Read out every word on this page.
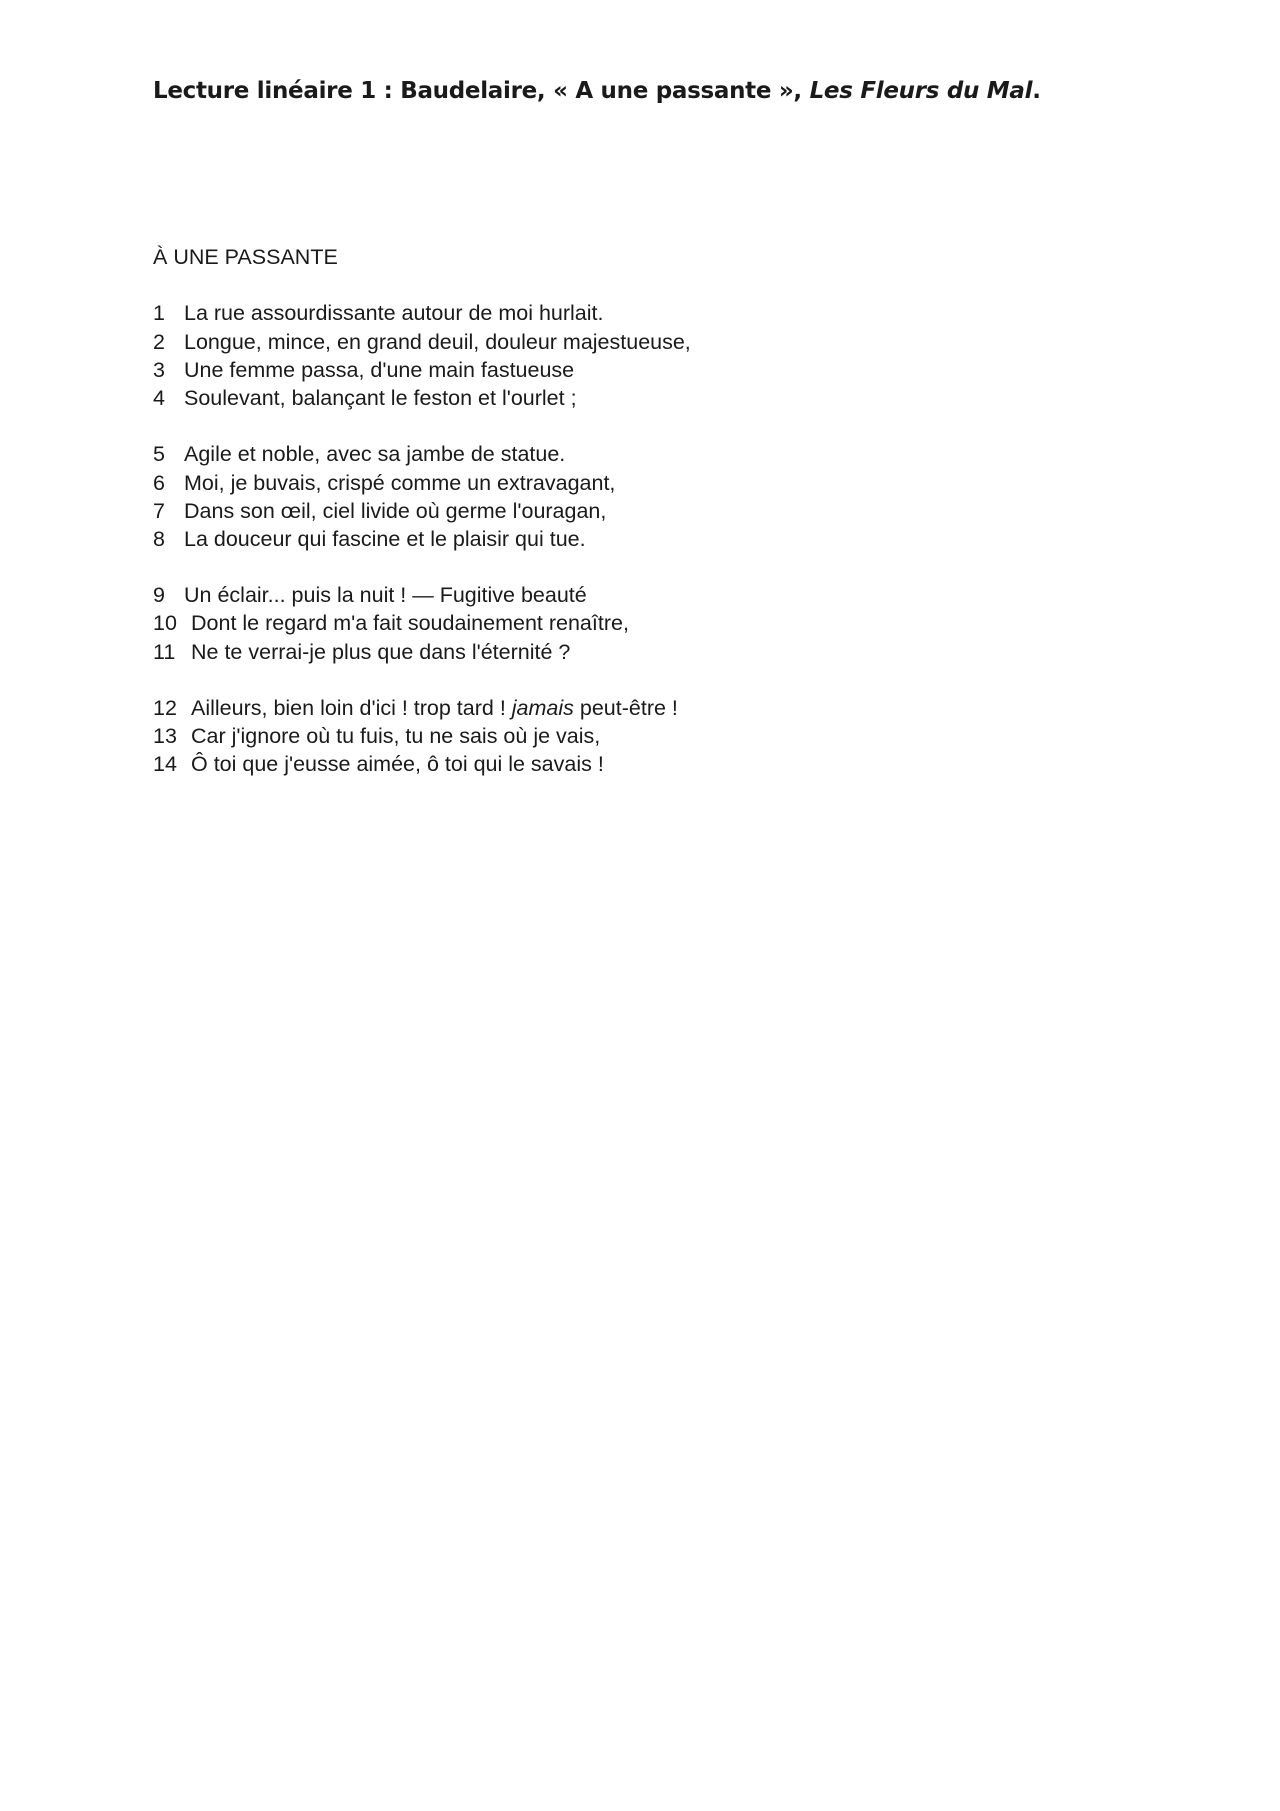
Lecture linéaire 1 : Baudelaire, « A une passante », Les Fleurs du Mal.
À UNE PASSANTE
1 La rue assourdissante autour de moi hurlait.
2 Longue, mince, en grand deuil, douleur majestueuse,
3 Une femme passa, d'une main fastueuse
4 Soulevant, balançant le feston et l'ourlet ;
5 Agile et noble, avec sa jambe de statue.
6 Moi, je buvais, crispé comme un extravagant,
7 Dans son œil, ciel livide où germe l'ouragan,
8 La douceur qui fascine et le plaisir qui tue.
9 Un éclair... puis la nuit ! — Fugitive beauté
10 Dont le regard m'a fait soudainement renaître,
11 Ne te verrai-je plus que dans l'éternité ?
12 Ailleurs, bien loin d'ici ! trop tard ! jamais peut-être !
13 Car j'ignore où tu fuis, tu ne sais où je vais,
14 Ô toi que j'eusse aimée, ô toi qui le savais !
